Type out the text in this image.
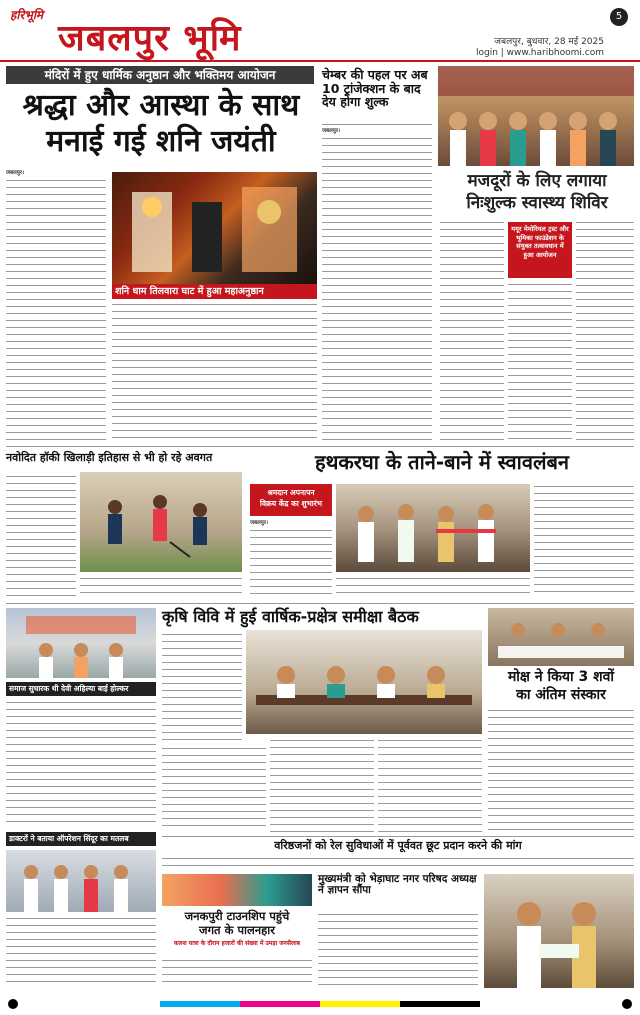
हरिभूमि
जबलपुर भूमि
5
जबलपुर, बुधवार, 28 मई 2025
login | www.haribhoomi.com
मंदिरों में हुए धार्मिक अनुष्ठान और भक्तिमय आयोजन
श्रद्धा और आस्था के साथ
मनाई गई शनि जयंती
जबलपुर।
शनि धाम तिलवारा घाट में हुआ महाअनुष्ठान
चेम्बर की पहल पर अब 10 ट्रांजेक्शन के बाद देय होगा शुल्क
जबलपुर।
मजदूरों के लिए लगाया
निःशुल्क स्वास्थ्य शिविर
मयूर मेमोरियल ट्रस्ट और भूमिका फाउंडेशन के संयुक्त तत्वावधान में हुआ आयोजन
नवोदित हॉकी खिलाड़ी इतिहास से भी हो रहे अवगत	हथकरघा के ताने-बाने में स्वावलंबन
श्रमदान अपनापन
विक्रय केंद्र का शुभारंभ
जबलपुर।
समाज सुधारक थी देवी अहिल्या बाई होल्कर
डाक्टरों ने बताया ऑपरेशन सिंदूर का मतलब
कृषि विवि में हुई वार्षिक-प्रक्षेत्र समीक्षा बैठक
मोक्ष ने किया 3 शवों
का अंतिम संस्कार
वरिष्ठजनों को रेल सुविधाओं में पूर्ववत छूट प्रदान करने की मांग
जनकपुरी टाउनशिप पहुंचे
जगत के पालनहार
कलश यात्रा के दौरान हजारों की संख्या में उमड़ा जनसैलाब
मुख्यमंत्री को भेड़ाघाट नगर परिषद अध्यक्ष ने ज्ञापन सौंपा
